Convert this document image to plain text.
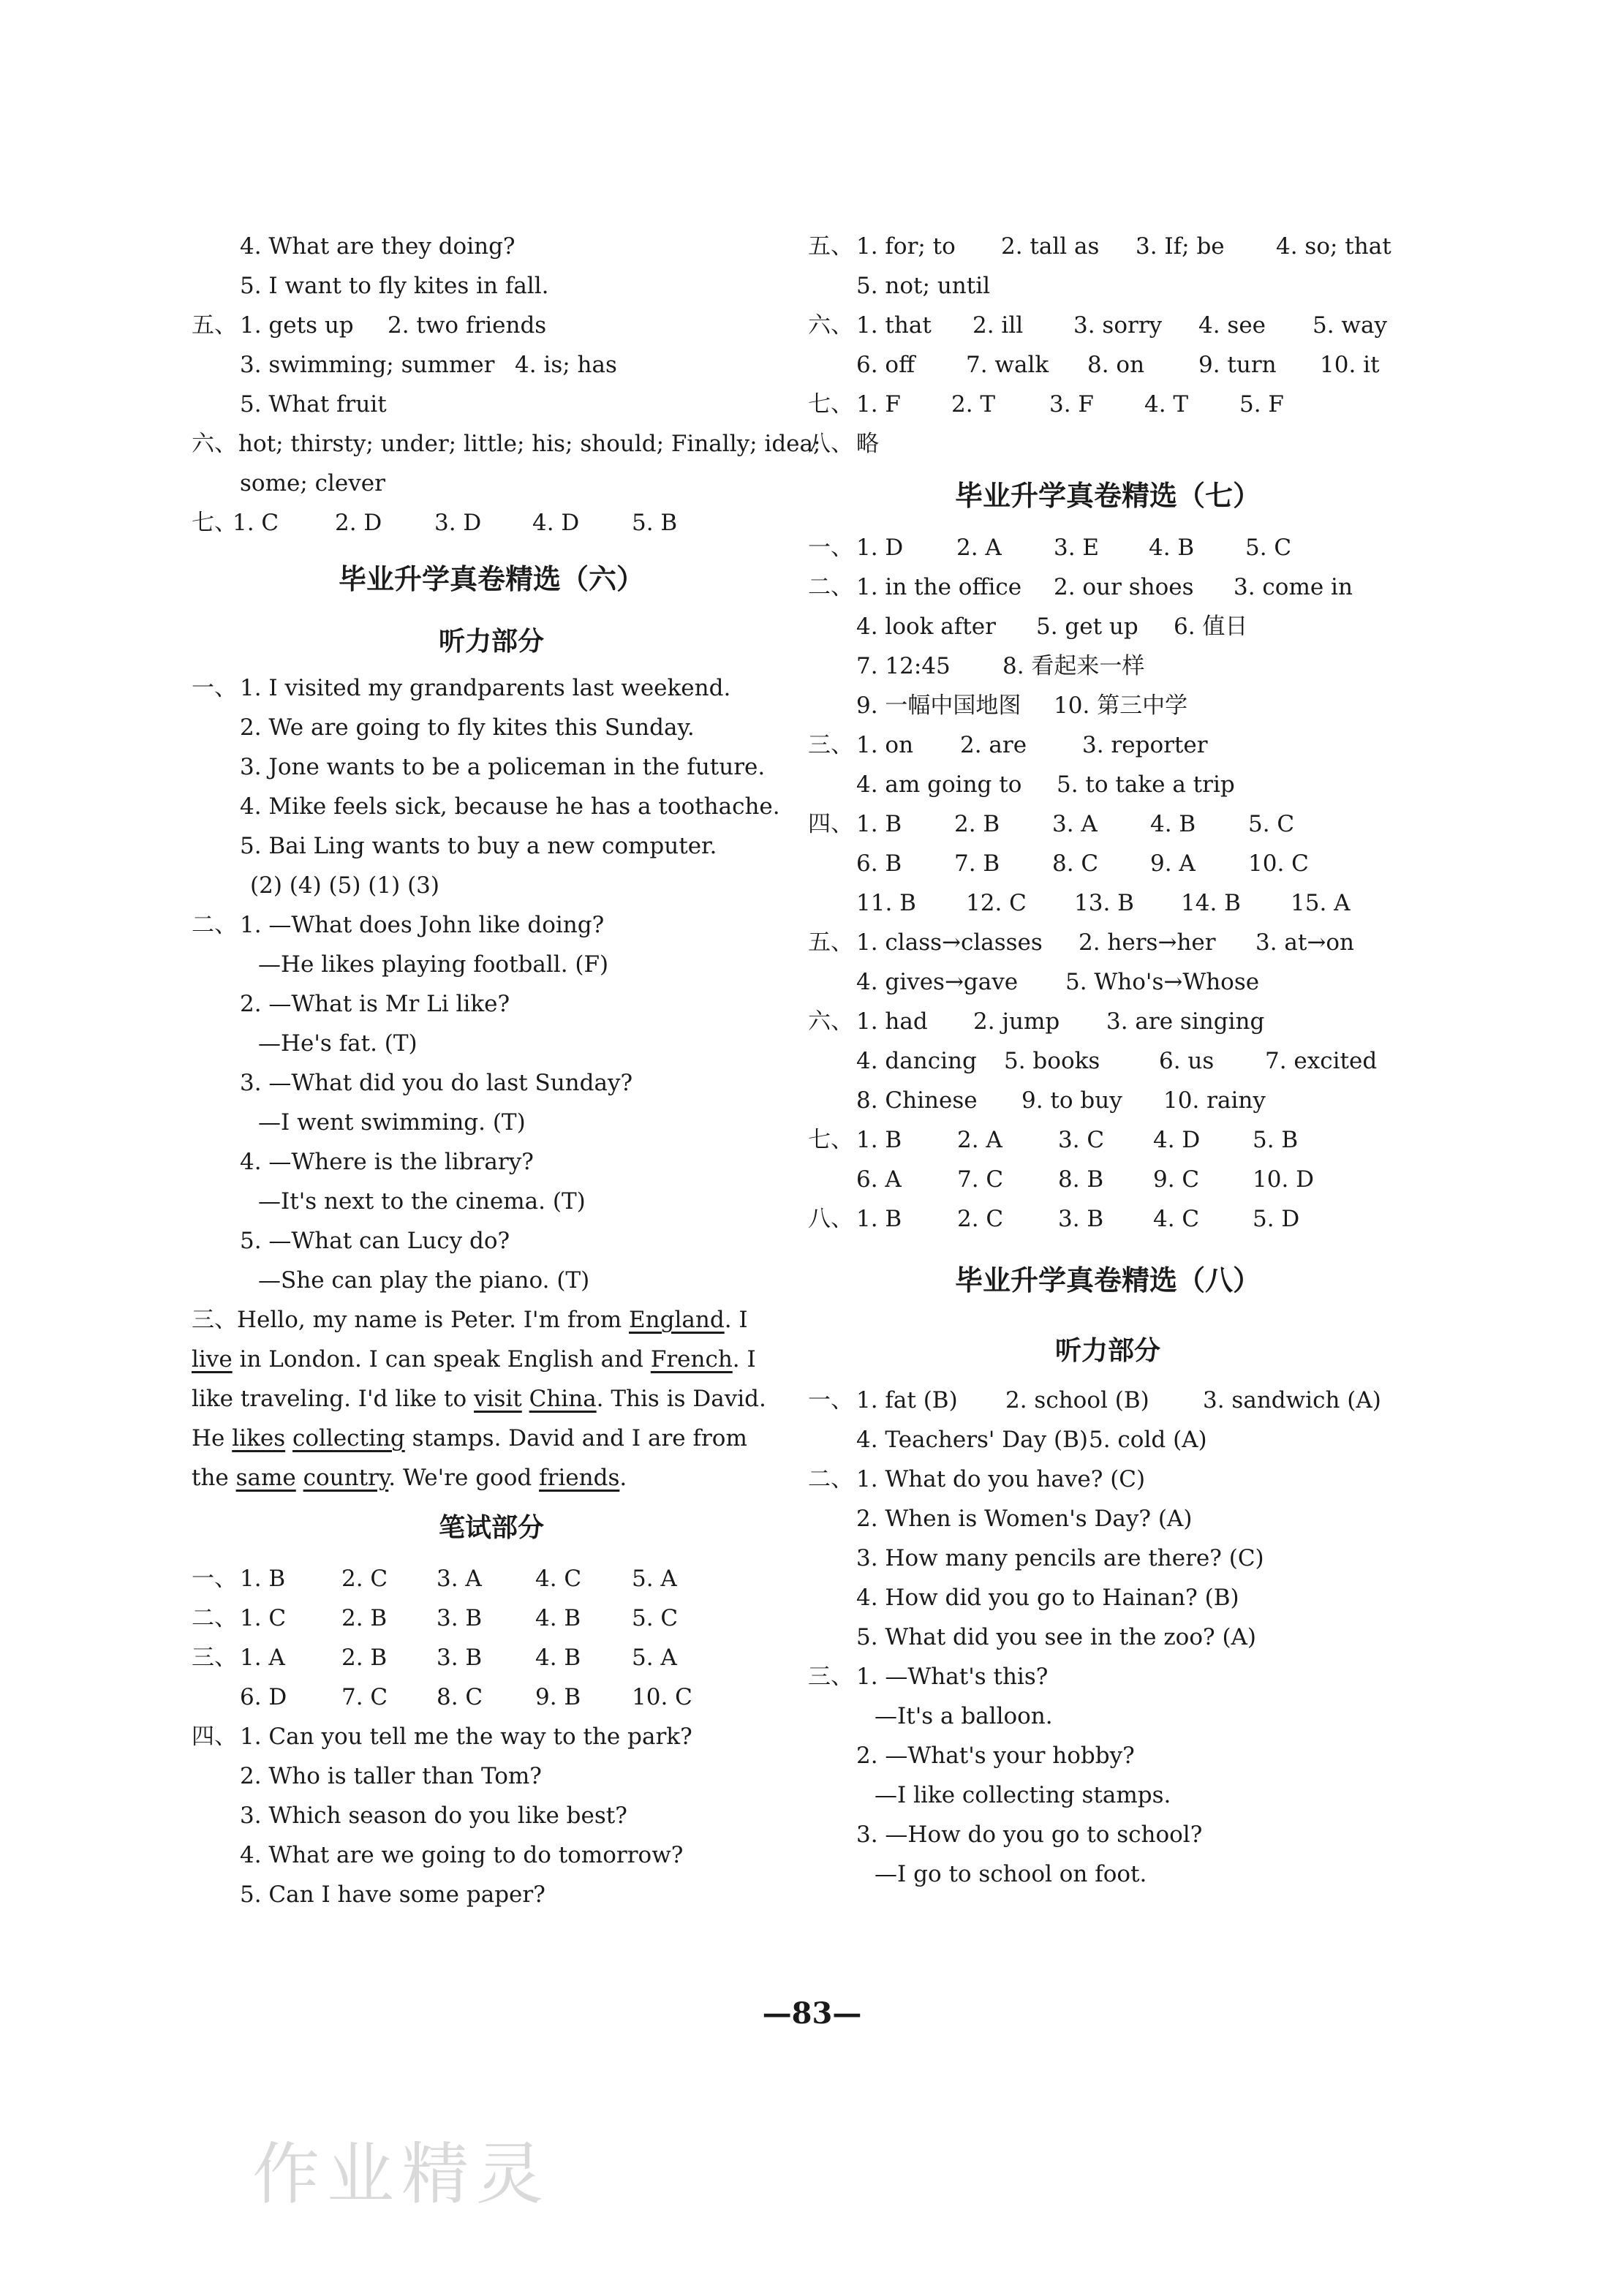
4. What are they doing?
5. I want to fly kites in fall.
五、 1. gets up 2. two friends
3. swimming; summer 4. is; has
5. What fruit
六、 hot; thirsty; under; little; his; should; Finally; idea;
some; clever
七、
1. C 2. D 3. D 4. D 5. B
毕业升学真卷精选（六）
听力部分
一、 1. I visited my grandparents last weekend.
2. We are going to fly kites this Sunday.
3. Jone wants to be a policeman in the future.
4. Mike feels sick, because he has a toothache.
5. Bai Ling wants to buy a new computer.
(2) (4) (5) (1) (3)
二、 1. —What does John like doing?
—He likes playing football. (F)
2. —What is Mr Li like?
—He's fat. (T)
3. —What did you do last Sunday?
—I went swimming. (T)
4. —Where is the library?
—It's next to the cinema. (T)
5. —What can Lucy do?
—She can play the piano. (T)
三、Hello, my name is Peter. I'm from England. I live in London. I can speak English and French. I like traveling. I'd like to visit China. This is David. He likes collecting stamps. David and I are from the same country. We're good friends.
笔试部分
一、 1. B 2. C 3. A 4. C 5. A
二、 1. C 2. B 3. B 4. B 5. C
三、 1. A 2. B 3. B 4. B 5. A
6. D 7. C 8. C 9. B 10. C
四、 1. Can you tell me the way to the park?
2. Who is taller than Tom?
3. Which season do you like best?
4. What are we going to do tomorrow?
5. Can I have some paper?
五、 1. for; to 2. tall as 3. If; be 4. so; that
5. not; until
六、 1. that 2. ill 3. sorry 4. see 5. way
6. off 7. walk 8. on 9. turn 10. it
七、 1. F 2. T 3. F 4. T 5. F
八、 略
毕业升学真卷精选（七）
一、 1. D 2. A 3. E 4. B 5. C
二、 1. in the office 2. our shoes 3. come in
4. look after 5. get up 6. 值日
7. 12:45 8. 看起来一样
9. 一幅中国地图 10. 第三中学
三、 1. on 2. are 3. reporter
4. am going to 5. to take a trip
四、 1. B 2. B 3. A 4. B 5. C
6. B 7. B 8. C 9. A 10. C
11. B 12. C 13. B 14. B 15. A
五、 1. class→classes 2. hers→her 3. at→on
4. gives→gave 5. Who's→Whose
六、 1. had 2. jump 3. are singing
4. dancing 5. books	6. us 7. excited
8. Chinese 9. to buy 10. rainy
七、 1. B 2. A 3. C 4. D 5. B
6. A 7. C 8. B 9. C 10. D
八、 1. B 2. C 3. B 4. C 5. D
毕业升学真卷精选（八）
听力部分
一、 1. fat (B) 2. school (B) 3. sandwich (A)
4. Teachers' Day (B) 5. cold (A)
二、 1. What do you have? (C)
2. When is Women's Day? (A)
3. How many pencils are there? (C)
4. How did you go to Hainan? (B)
5. What did you see in the zoo? (A)
三、 1. —What's this?
—It's a balloon.
2. —What's your hobby?
—I like collecting stamps.
3. —How do you go to school?
—I go to school on foot.
—83—
作业精灵
